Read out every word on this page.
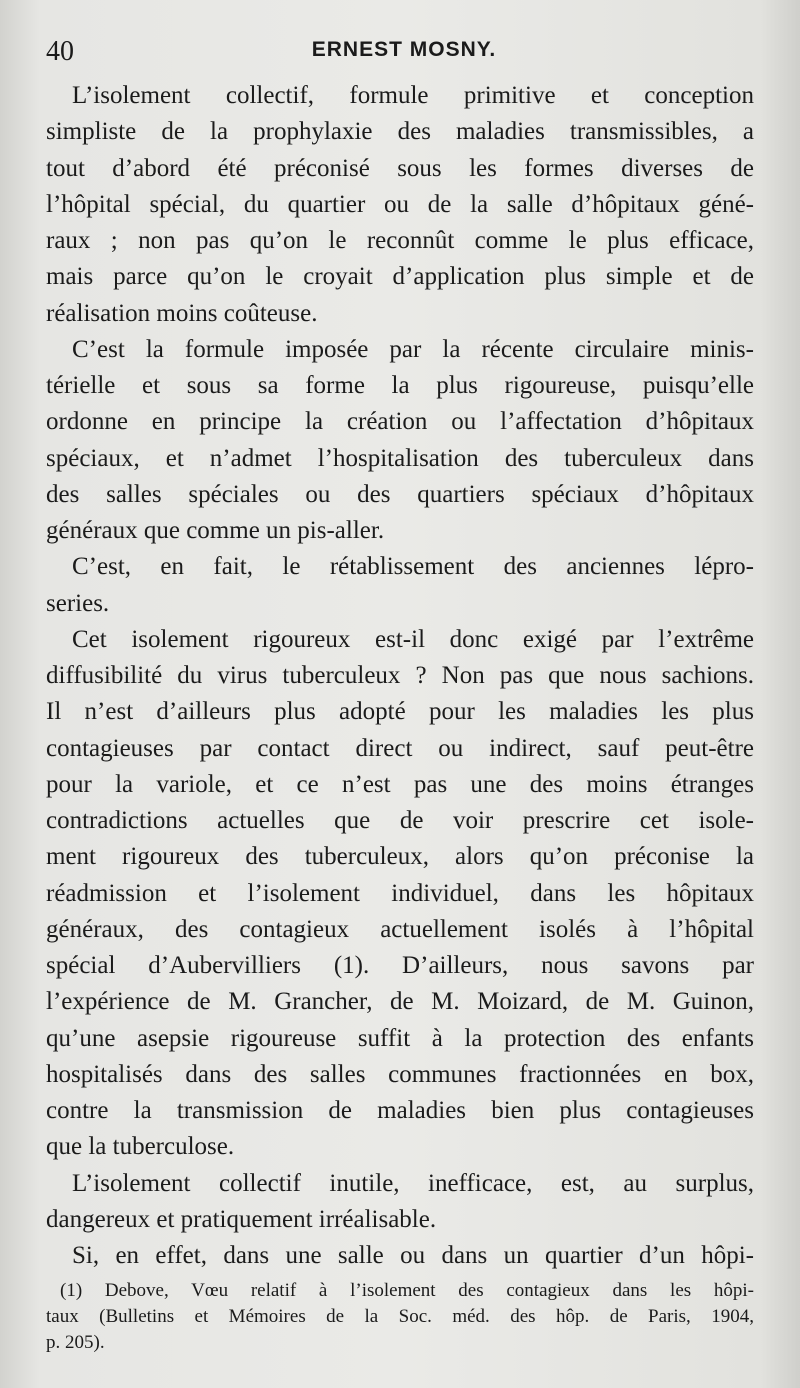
40	ERNEST MOSNY.
L’isolement collectif, formule primitive et conception
simpliste de la prophylaxie des maladies transmissibles, a
tout d’abord été préconisé sous les formes diverses de
l’hôpital spécial, du quartier ou de la salle d’hôpitaux géné-
raux ; non pas qu’on le reconnût comme le plus efficace,
mais parce qu’on le croyait d’application plus simple et de
réalisation moins coûteuse.
C’est la formule imposée par la récente circulaire minis-
térielle et sous sa forme la plus rigoureuse, puisqu’elle
ordonne en principe la création ou l’affectation d’hôpitaux
spéciaux, et n’admet l’hospitalisation des tuberculeux dans
des salles spéciales ou des quartiers spéciaux d’hôpitaux
généraux que comme un pis-aller.
C’est, en fait, le rétablissement des anciennes lépro-
series.
Cet isolement rigoureux est-il donc exigé par l’extrême
diffusibilité du virus tuberculeux ? Non pas que nous sachions.
Il n’est d’ailleurs plus adopté pour les maladies les plus
contagieuses par contact direct ou indirect, sauf peut-être
pour la variole, et ce n’est pas une des moins étranges
contradictions actuelles que de voir prescrire cet isole-
ment rigoureux des tuberculeux, alors qu’on préconise la
réadmission et l’isolement individuel, dans les hôpitaux
généraux, des contagieux actuellement isolés à l’hôpital
spécial d’Aubervilliers (1). D’ailleurs, nous savons par
l’expérience de M. Grancher, de M. Moizard, de M. Guinon,
qu’une asepsie rigoureuse suffit à la protection des enfants
hospitalisés dans des salles communes fractionnées en box,
contre la transmission de maladies bien plus contagieuses
que la tuberculose.
L’isolement collectif inutile, inefficace, est, au surplus,
dangereux et pratiquement irréalisable.
Si, en effet, dans une salle ou dans un quartier d’un hôpi-
(1) Debove, Vœu relatif à l’isolement des contagieux dans les hôpi-
taux (Bulletins et Mémoires de la Soc. méd. des hôp. de Paris, 1904,
p. 205).
